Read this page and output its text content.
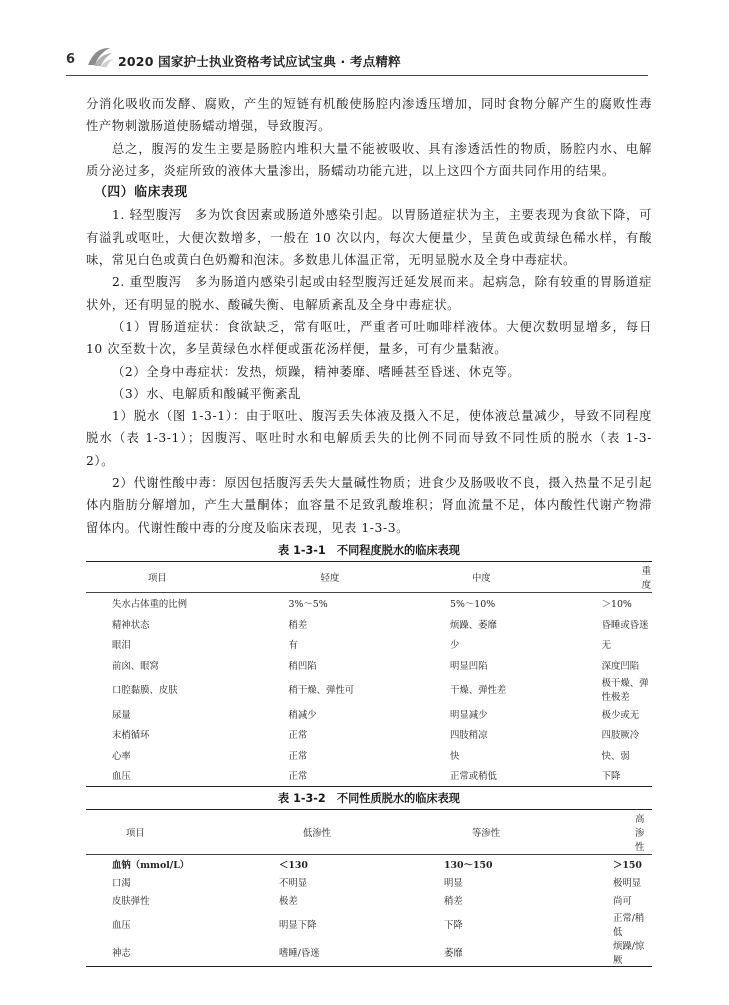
6	2020 国家护士执业资格考试应试宝典 · 考点精粹

分消化吸收而发酵、腐败，产生的短链有机酸使肠腔内渗透压增加，同时食物分解产生的腐败性毒性产物刺激肠道使肠蠕动增强，导致腹泻。

总之，腹泻的发生主要是肠腔内堆积大量不能被吸收、具有渗透活性的物质，肠腔内水、电解质分泌过多，炎症所致的液体大量渗出，肠蠕动功能亢进，以上这四个方面共同作用的结果。

（四）临床表现

1. 轻型腹泻　多为饮食因素或肠道外感染引起。以胃肠道症状为主，主要表现为食欲下降，可有溢乳或呕吐，大便次数增多，一般在 10 次以内，每次大便量少，呈黄色或黄绿色稀水样，有酸味，常见白色或黄白色奶瓣和泡沫。多数患儿体温正常，无明显脱水及全身中毒症状。

2. 重型腹泻　多为肠道内感染引起或由轻型腹泻迁延发展而来。起病急，除有较重的胃肠道症状外，还有明显的脱水、酸碱失衡、电解质紊乱及全身中毒症状。

（1）胃肠道症状：食欲缺乏，常有呕吐，严重者可吐咖啡样液体。大便次数明显增多，每日 10 次至数十次，多呈黄绿色水样便或蛋花汤样便，量多，可有少量黏液。

（2）全身中毒症状：发热，烦躁，精神萎靡、嗜睡甚至昏迷、休克等。

（3）水、电解质和酸碱平衡紊乱

1）脱水（图 1-3-1）：由于呕吐、腹泻丢失体液及摄入不足，使体液总量减少，导致不同程度脱水（表 1-3-1）；因腹泻、呕吐时水和电解质丢失的比例不同而导致不同性质的脱水（表 1-3-2）。

2）代谢性酸中毒：原因包括腹泻丢失大量碱性物质；进食少及肠吸收不良，摄入热量不足引起体内脂肪分解增加，产生大量酮体；血容量不足致乳酸堆积；肾血流量不足，体内酸性代谢产物滞留体内。代谢性酸中毒的分度及临床表现，见表 1-3-3。

表 1-3-1　不同程度脱水的临床表现
项目	轻度	中度	重度
失水占体重的比例	3%～5%	5%～10%	＞10%
精神状态	稍差	烦躁、萎靡	昏睡或昏迷
眼泪	有	少	无
前囟、眼窝	稍凹陷	明显凹陷	深度凹陷
口腔黏膜、皮肤	稍干燥、弹性可	干燥、弹性差	极干燥、弹性极差
尿量	稍减少	明显减少	极少或无
末梢循环	正常	四肢稍凉	四肢厥冷
心率	正常	快	快、弱
血压	正常	正常或稍低	下降
表 1-3-2　不同性质脱水的临床表现
项目	低渗性	等渗性	高渗性
血钠（mmol/L）	＜130	130～150	＞150
口渴	不明显	明显	极明显
皮肤弹性	极差	稍差	尚可
血压	明显下降	下降	正常/稍低
神志	嗜睡/昏迷	萎靡	烦躁/惊厥
